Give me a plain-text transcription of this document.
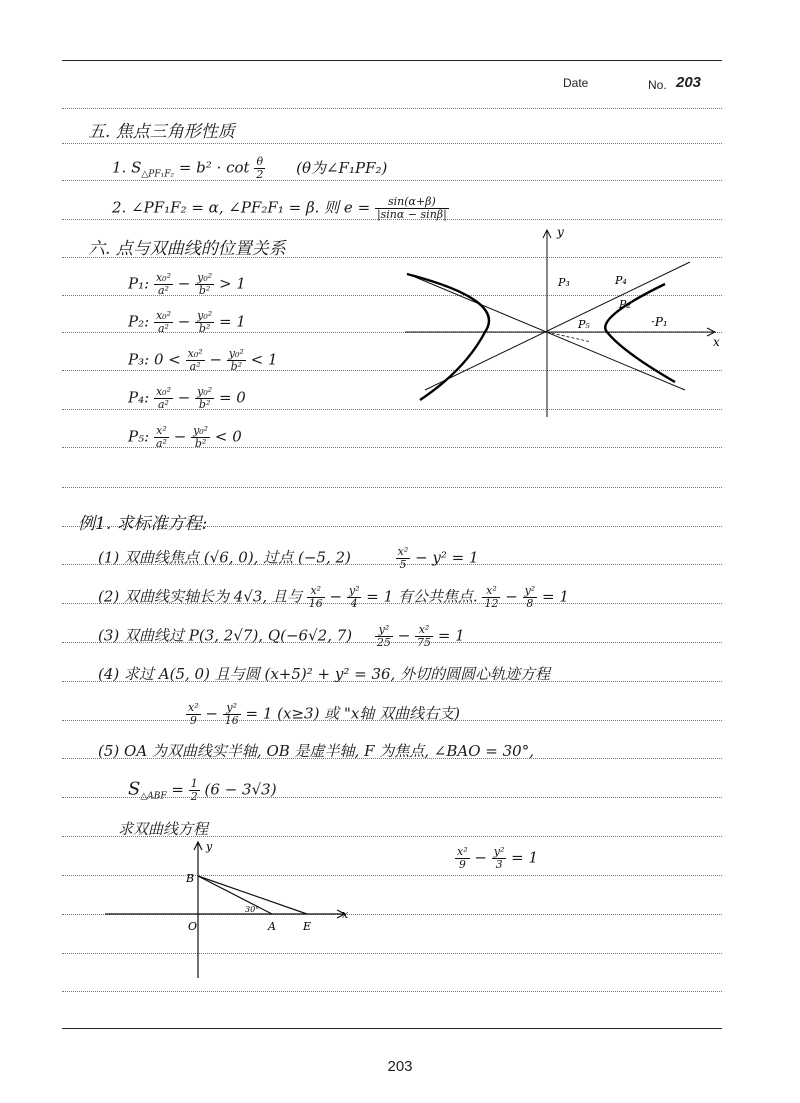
Date	No. 203
五. 焦点三角形性质
1. $S_{\triangle PF_1F_2} = b^2 \cdot \cot \frac{\theta}{2} (\theta$为∠F₁PF₂)
2. ∠PF₁F₂ = α, ∠PF₂F₁ = β. 则 $e = \frac{\sin(\alpha+\beta)}{|\sin\alpha - \sin\beta|}$
六. 点与双曲线的位置关系
P₁: $\frac{\text{x₀²}}{\text{a²}} - \frac{\text{y₀²}}{\text{b²}} > 1$
P₂: $\frac{\text{x₀²}}{\text{a²}} - \frac{\text{y₀²}}{\text{b²}} = 1$
P₃: $0 < \frac{\text{x₀²}}{\text{a²}} - \frac{\text{y₀²}}{\text{b²}} < 1$
P₄: $\frac{\text{x₀²}}{\text{a²}} - \frac{\text{y₀²}}{\text{b²}} = 0$
P₅: $\frac{\text{x²}}{\text{a²}} - \frac{\text{y₀²}}{\text{b²}} < 0$
x
y
·P₁
P₂
P₃	P₄
P₅
例1. 求标准方程:
(1) 双曲线焦点 (√6, 0), 过点 (−5, 2)	$\frac{\text{x²}}{5} - y^2 = 1$
(2) 双曲线实轴长为 4√3, 且与 $\frac{\text{x²}}{16} - \frac{\text{y²}}{4} = 1$ 有公共焦点. $\frac{\text{x²}}{12} - \frac{\text{y²}}{8} = 1$
(3) 双曲线过 P(3, 2√7), Q(−6√2, $7) \frac{\text{y²}}{25} - \frac{\text{x²}}{75} = 1$
(4) 求过 A(5, 0) 且与圆 (x+5)² + y² = 36, 外切的圆圆心轨迹方程
$\frac{\text{x²}}{9} - \frac{\text{y²}}{16} = 1$ (x≥3) 或 "x轴 双曲线右支)
(5) OA 为双曲线实半轴, OB 是虚半轴, F 为焦点, ∠BAO = 30°,
$S_{\triangle ABF} = \frac{1}{2} (6 - 3√3)$
求双曲线方程
$\frac{\text{x²}}{9} - \frac{\text{y²}}{3} = 1$
x
y
B
O	A E
30°
203
